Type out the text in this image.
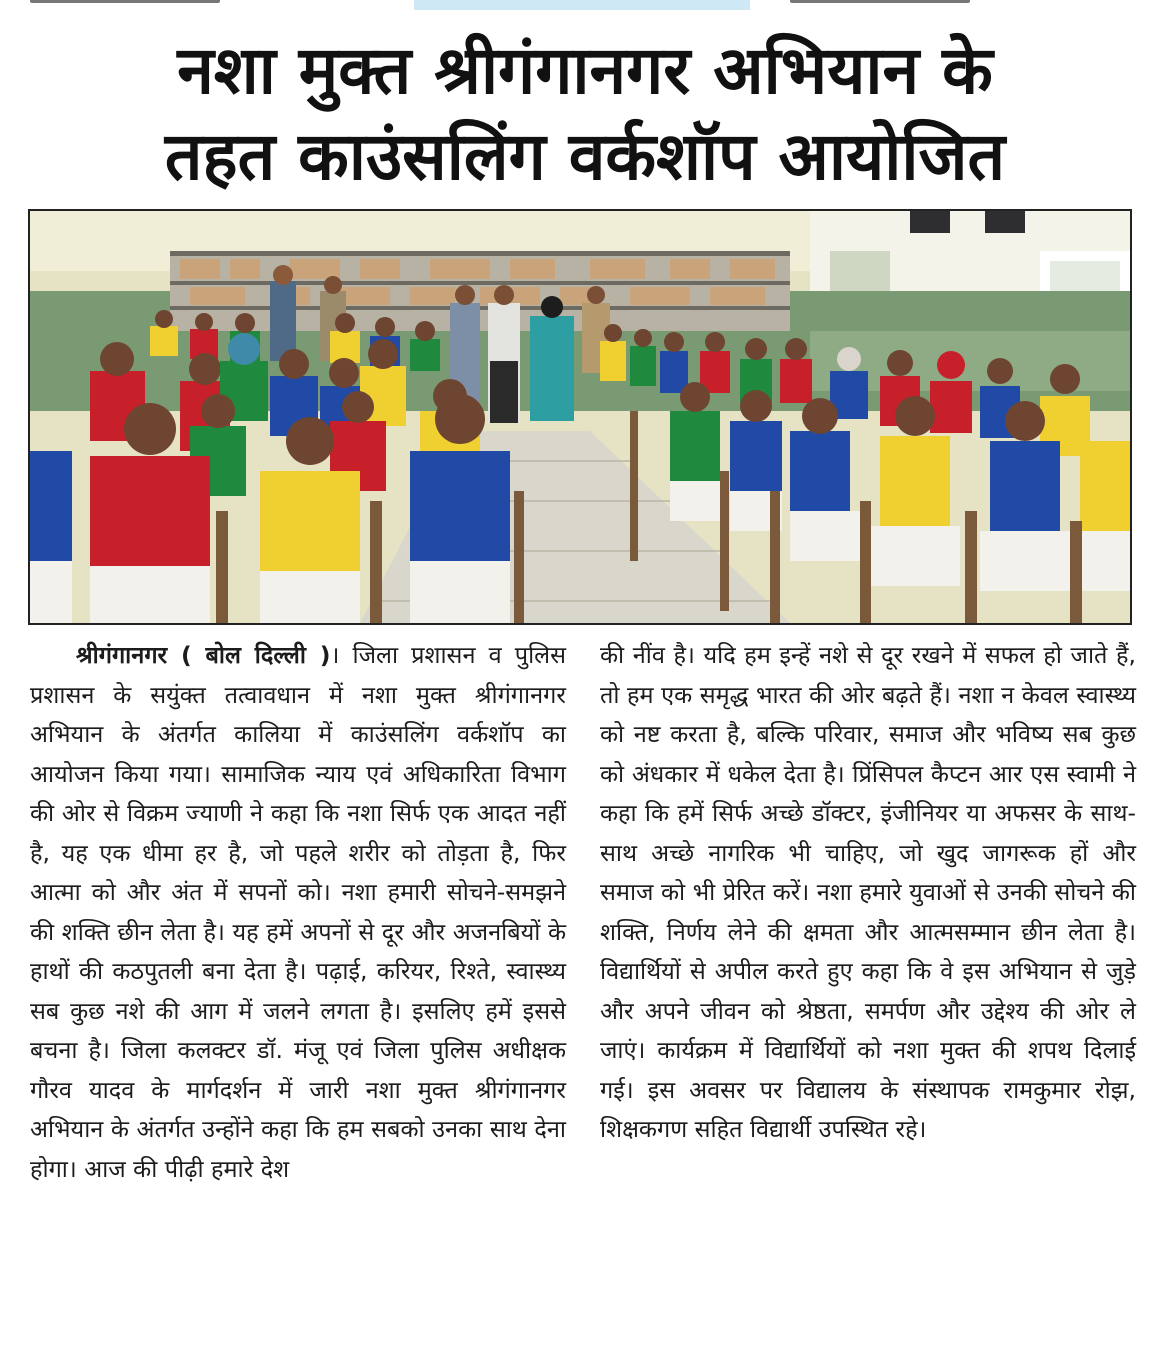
नशा मुक्त श्रीगंगानगर अभियान के
तहत काउंसलिंग वर्कशॉप आयोजित
श्रीगंगानगर ( बोल दिल्ली )। जिला प्रशासन व पुलिस प्रशासन के सयुंक्त तत्वावधान में नशा मुक्त श्रीगंगानगर अभियान के अंतर्गत कालिया में काउंसलिंग वर्कशॉप का आयोजन किया गया। सामाजिक न्याय एवं अधिकारिता विभाग की ओर से विक्रम ज्याणी ने कहा कि नशा सिर्फ एक आदत नहीं है, यह एक धीमा हर है, जो पहले शरीर को तोड़ता है, फिर आत्मा को और अंत में सपनों को। नशा हमारी सोचने-समझने की शक्ति छीन लेता है। यह हमें अपनों से दूर और अजनबियों के हाथों की कठपुतली बना देता है। पढ़ाई, करियर, रिश्ते, स्वास्थ्य सब कुछ नशे की आग में जलने लगता है। इसलिए हमें इससे बचना है। जिला कलक्टर डॉ. मंजू एवं जिला पुलिस अधीक्षक गौरव यादव के मार्गदर्शन में जारी नशा मुक्त श्रीगंगानगर अभियान के अंतर्गत उन्होंने कहा कि हम सबको उनका साथ देना होगा। आज की पीढ़ी हमारे देश
की नींव है। यदि हम इन्हें नशे से दूर रखने में सफल हो जाते हैं, तो हम एक समृद्ध भारत की ओर बढ़ते हैं। नशा न केवल स्वास्थ्य को नष्ट करता है, बल्कि परिवार, समाज और भविष्य सब कुछ को अंधकार में धकेल देता है। प्रिंसिपल कैप्टन आर एस स्वामी ने कहा कि हमें सिर्फ अच्छे डॉक्टर, इंजीनियर या अफसर के साथ-साथ अच्छे नागरिक भी चाहिए, जो खुद जागरूक हों और समाज को भी प्रेरित करें। नशा हमारे युवाओं से उनकी सोचने की शक्ति, निर्णय लेने की क्षमता और आत्मसम्मान छीन लेता है। विद्यार्थियों से अपील करते हुए कहा कि वे इस अभियान से जुड़े और अपने जीवन को श्रेष्ठता, समर्पण और उद्देश्य की ओर ले जाएं। कार्यक्रम में विद्यार्थियों को नशा मुक्त की शपथ दिलाई गई। इस अवसर पर विद्यालय के संस्थापक रामकुमार रोझ, शिक्षकगण सहित विद्यार्थी उपस्थित रहे।
